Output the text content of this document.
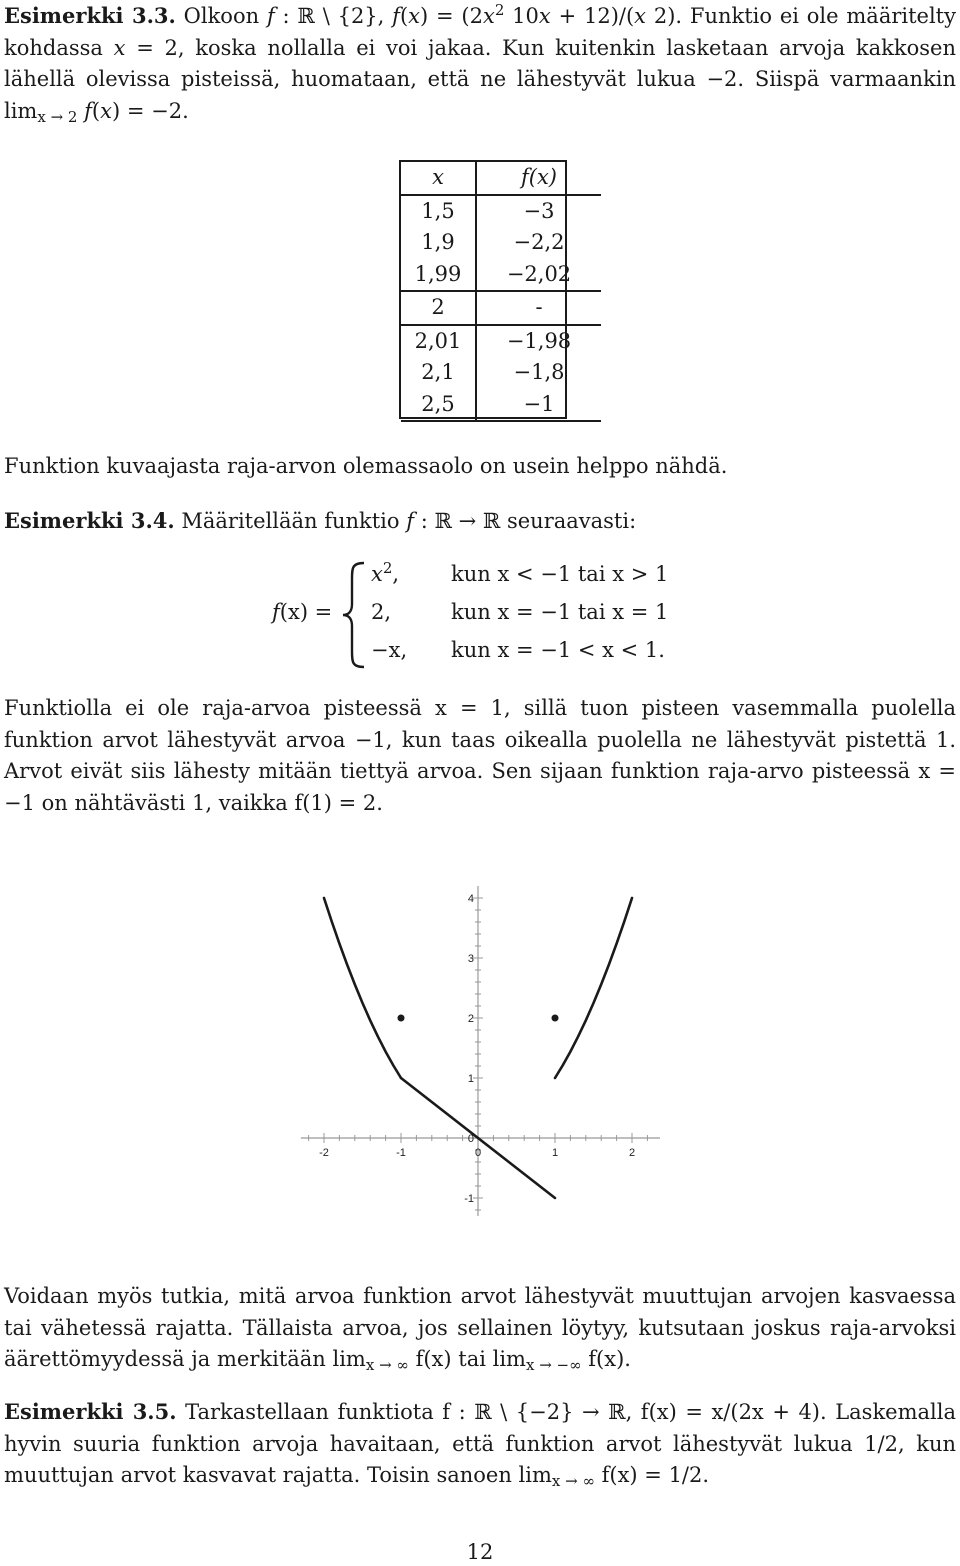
Esimerkki 3.3. Olkoon f : ℝ \ {2}, $f(x) = (2x^2$ 10x + 12)/(x 2). Funktio ei ole määritelty kohdassa x = 2, koska nollalla ei voi jakaa. Kun kuitenkin lasketaan arvoja kakkosen lähellä olevissa pisteissä, huomataan, että ne lähestyvät lukua −2. Siispä varmaankin $\lim_{x \to 2} f(x) = -2$.

x	f(x)
1,5	−3
1,9	−2,2
1,99	−2,02
2	-
2,01	−1,98
2,1	−1,8
2,5	−1

Funktion kuvaajasta raja-arvon olemassaolo on usein helppo nähdä.

Esimerkki 3.4. Määritellään funktio f : ℝ → ℝ seuraavasti:

f(x) =
$x^2$, kun x < −1 tai x > 1
2,	kun x = −1 tai x = 1
−x, kun x = −1 < x < 1.

Funktiolla ei ole raja-arvoa pisteessä x = 1, sillä tuon pisteen vasemmalla puolella funktion arvot lähestyvät arvoa −1, kun taas oikealla puolella ne lähestyvät pistettä 1. Arvot eivät siis lähesty mitään tiettyä arvoa. Sen sijaan funktion raja-arvo pisteessä x = −1 on nähtävästi 1, vaikka f(1) = 2.

-2	-1	0	1	2
4
3
2
1
0
-1

Voidaan myös tutkia, mitä arvoa funktion arvot lähestyvät muuttujan arvojen kasvaessa tai vähetessä rajatta. Tällaista arvoa, jos sellainen löytyy, kutsutaan joskus raja-arvoksi äärettömyydessä ja merkitään $\lim_{x \to \infty} f(x)$ tai $\lim_{x \to -\infty} f(x)$.

Esimerkki 3.5. Tarkastellaan funktiota f : ℝ \ {−2} → ℝ, f(x) = x/(2x + 4). Laskemalla hyvin suuria funktion arvoja havaitaan, että funktion arvot lähestyvät lukua 1/2, kun muuttujan arvot kasvavat rajatta. Toisin sanoen $\lim_{x \to \infty} f(x) = 1/2$.

12
